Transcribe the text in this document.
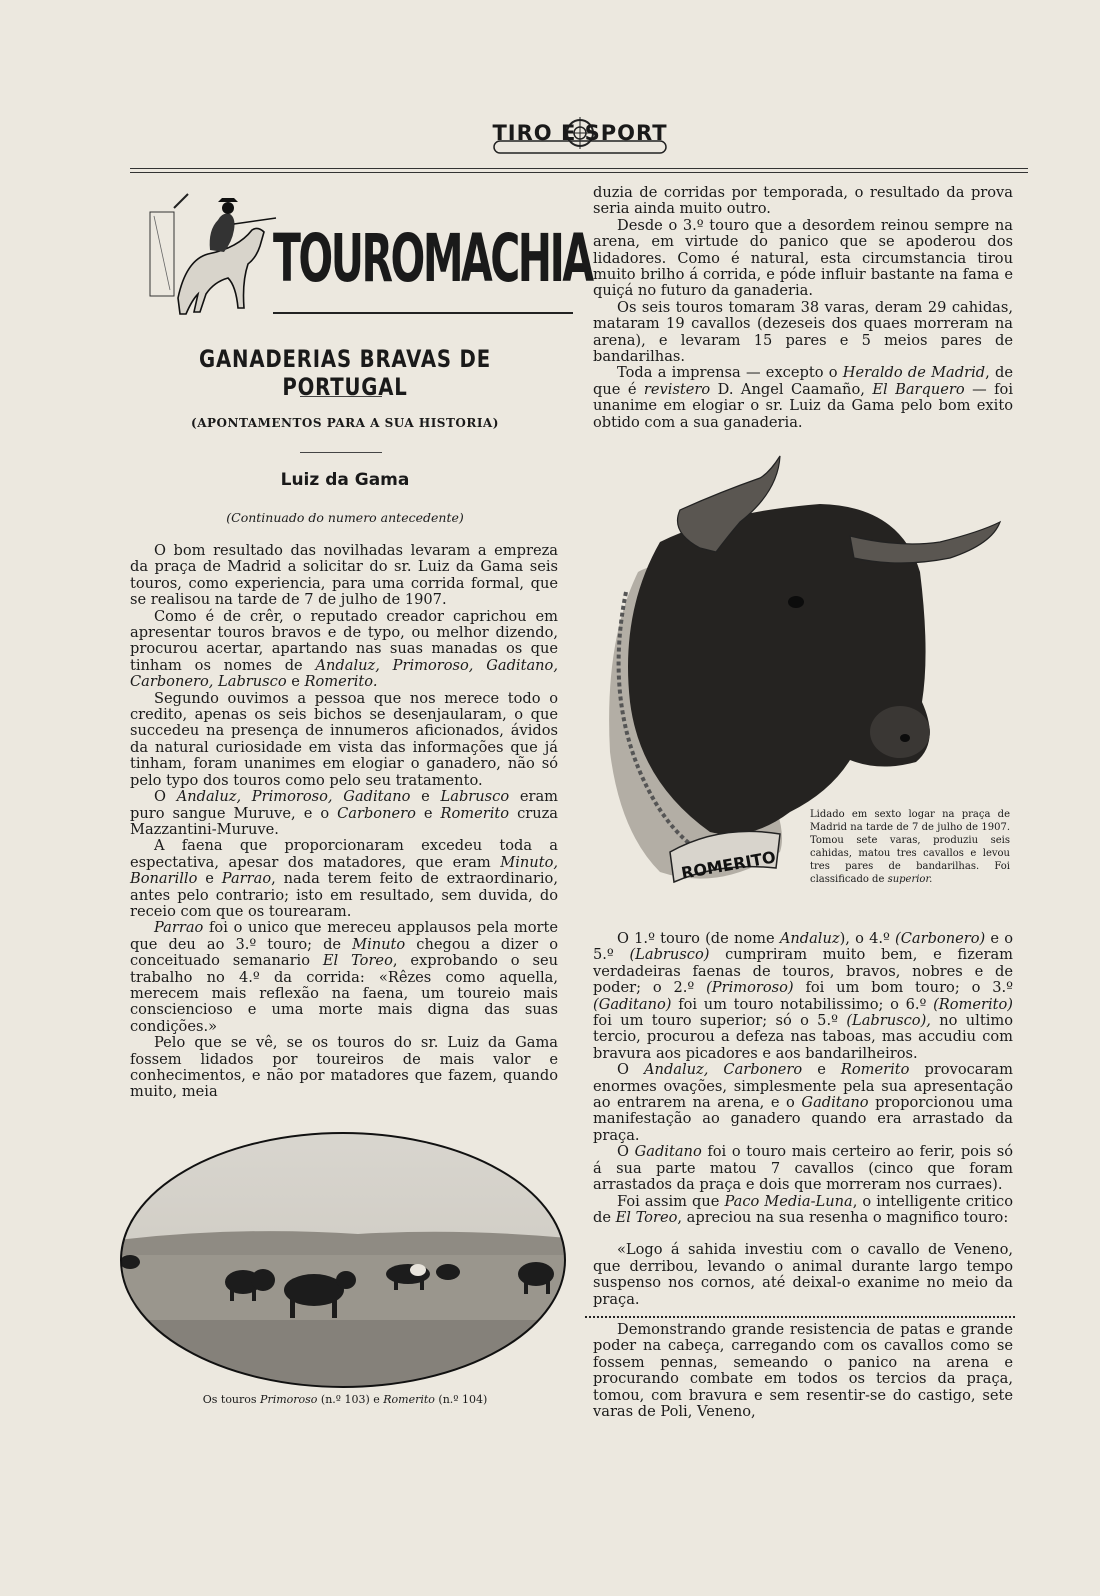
TIRO E SPORT
TOUROMACHIA
GANADERIAS BRAVAS DE PORTUGAL
(APONTAMENTOS PARA A SUA HISTORIA)
Luiz da Gama
(Continuado do numero antecedente)

O bom resultado das novilhadas levaram a empreza da praça de Madrid a solicitar do sr. Luiz da Gama seis touros, como experiencia, para uma corrida formal, que se realisou na tarde de 7 de julho de 1907.

Como é de crêr, o reputado creador caprichou em apresentar touros bravos e de typo, ou melhor dizendo, procurou acertar, apartando nas suas manadas os que tinham os nomes de Andaluz, Primoroso, Gaditano, Carbonero, Labrusco e Romerito.

Segundo ouvimos a pessoa que nos merece todo o credito, apenas os seis bichos se desenjaularam, o que succedeu na presença de innumeros aficionados, ávidos da natural curiosidade em vista das informações que já tinham, foram unanimes em elogiar o ganadero, não só pelo typo dos touros como pelo seu tratamento.

O Andaluz, Primoroso, Gaditano e Labrusco eram puro sangue Muruve, e o Carbonero e Romerito cruza Mazzantini-Muruve.

A faena que proporcionaram excedeu toda a espectativa, apesar dos matadores, que eram Minuto, Bonarillo e Parrao, nada terem feito de extraordinario, antes pelo contrario; isto em resultado, sem duvida, do receio com que os tourearam.

Parrao foi o unico que mereceu applausos pela morte que deu ao 3.º touro; de Minuto chegou a dizer o conceituado semanario El Toreo, exprobando o seu trabalho no 4.º da corrida: «Rêzes como aquella, merecem mais reflexão na faena, um toureio mais consciencioso e uma morte mais digna das suas condições.»

Pelo que se vê, se os touros do sr. Luiz da Gama fossem lidados por toureiros de mais valor e conhecimentos, e não por matadores que fazem, quando muito, meia

Os touros Primoroso (n.º 103) e Romerito (n.º 104)

duzia de corridas por temporada, o resultado da prova seria ainda muito outro.

Desde o 3.º touro que a desordem reinou sempre na arena, em virtude do panico que se apoderou dos lidadores. Como é natural, esta circumstancia tirou muito brilho á corrida, e póde influir bastante na fama e quiçá no futuro da ganaderia.

Os seis touros tomaram 38 varas, deram 29 cahidas, mataram 19 cavallos (dezeseis dos quaes morreram na arena), e levaram 15 pares e 5 meios pares de bandarilhas.

Toda a imprensa — excepto o Heraldo de Madrid, de que é revistero D. Angel Caamaño, El Barquero — foi unanime em elogiar o sr. Luiz da Gama pelo bom exito obtido com a sua ganaderia.

ROMERITO
Lidado em sexto logar na praça de Madrid na tarde de 7 de julho de 1907. Tomou sete varas, produziu seis cahidas, matou tres cavallos e levou tres pares de bandarilhas. Foi classificado de superior.

O 1.º touro (de nome Andaluz), o 4.º (Carbonero) e o 5.º (Labrusco) cumpriram muito bem, e fizeram verdadeiras faenas de touros, bravos, nobres e de poder; o 2.º (Primoroso) foi um bom touro; o 3.º (Gaditano) foi um touro notabilissimo; o 6.º (Romerito) foi um touro superior; só o 5.º (Labrusco), no ultimo tercio, procurou a defeza nas taboas, mas accudiu com bravura aos picadores e aos bandarilheiros.

O Andaluz, Carbonero e Romerito provocaram enormes ovações, simplesmente pela sua apresentação ao entrarem na arena, e o Gaditano proporcionou uma manifestação ao ganadero quando era arrastado da praça.

O Gaditano foi o touro mais certeiro ao ferir, pois só á sua parte matou 7 cavallos (cinco que foram arrastados da praça e dois que morreram nos curraes).

Foi assim que Paco Media-Luna, o intelligente critico de El Toreo, apreciou na sua resenha o magnifico touro:

«Logo á sahida investiu com o cavallo de Veneno, que derribou, levando o animal durante largo tempo suspenso nos cornos, até deixal-o exanime no meio da praça.

Demonstrando grande resistencia de patas e grande poder na cabeça, carregando com os cavallos como se fossem pennas, semeando o panico na arena e procurando combate em todos os tercios da praça, tomou, com bravura e sem resentir-se do castigo, sete varas de Poli, Veneno,
